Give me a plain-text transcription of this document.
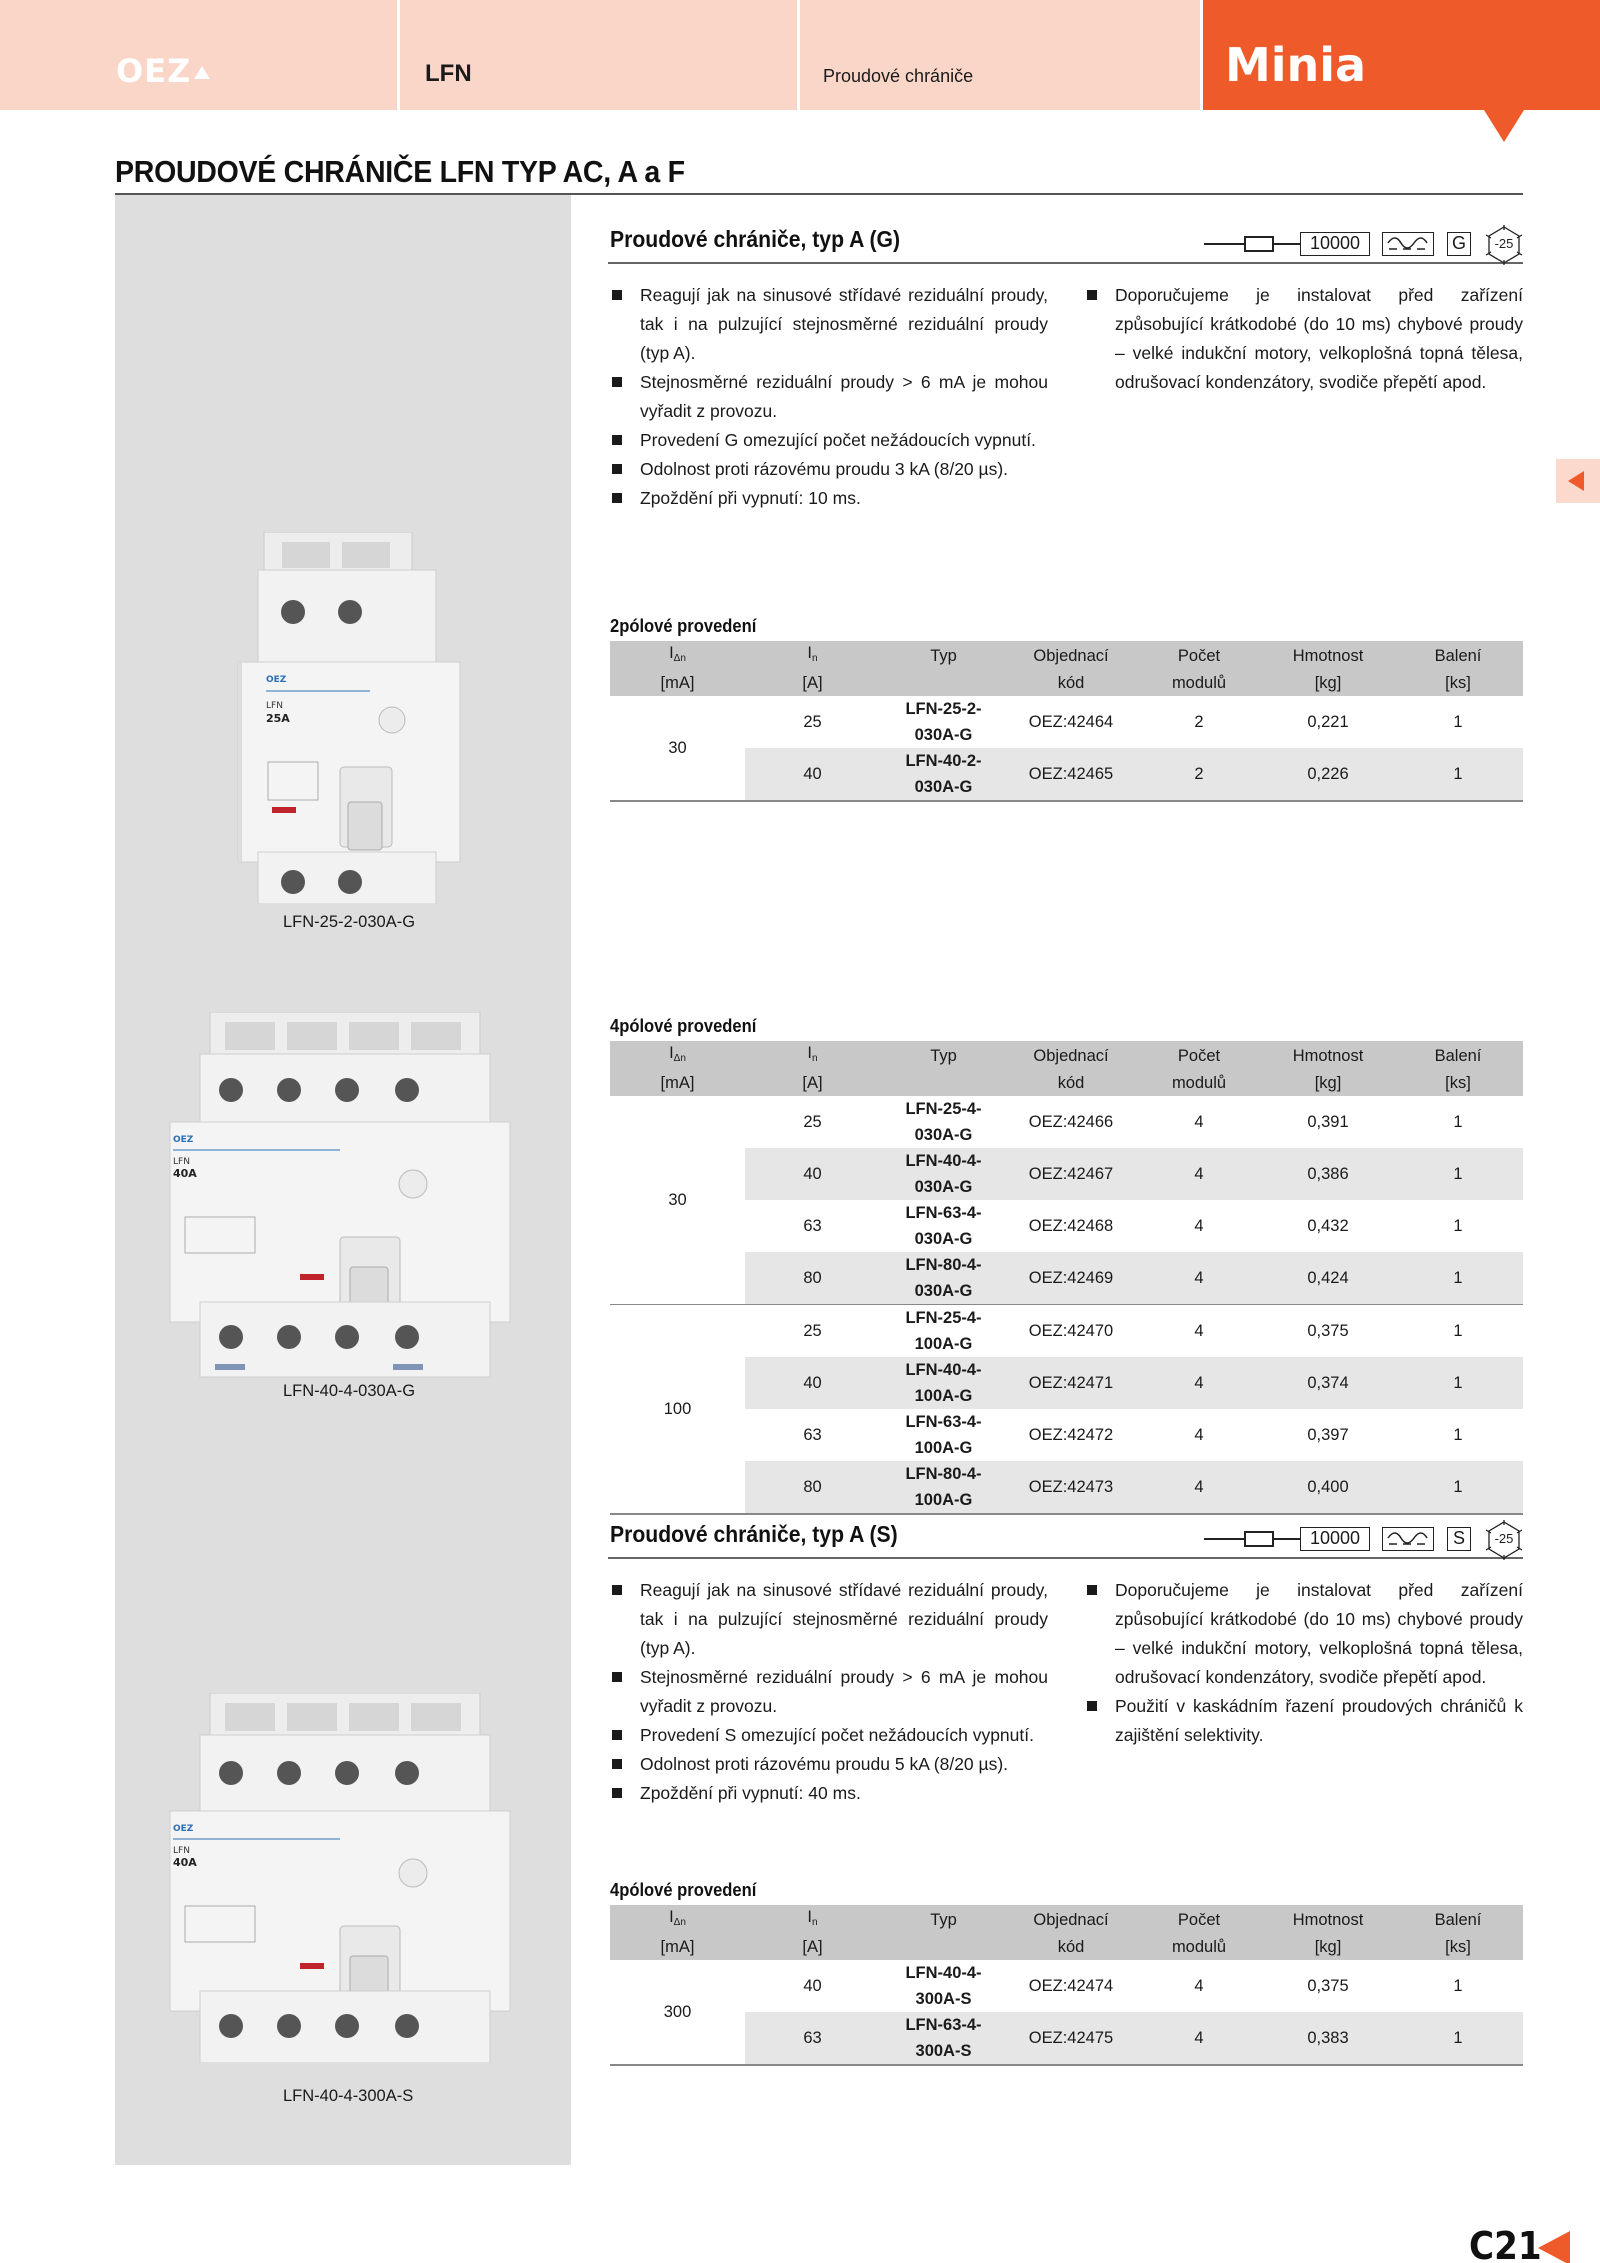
OEZ	LFN	Proudové chrániče	Minia
PROUDOVÉ CHRÁNIČE LFN TYP AC, A a F
Proudové chrániče, typ A (G)	10000	G	-25
Reagují jak na sinusové střídavé reziduální proudy, tak i na pulzující stejnosměrné reziduální proudy (typ A).
Stejnosměrné reziduální proudy > 6 mA je mohou vyřadit z provozu.
Provedení G omezující počet nežádoucích vypnutí.
Odolnost proti rázovému proudu 3 kA (8/20 µs).
Zpoždění při vypnutí: 10 ms.
Doporučujeme je instalovat před zařízení způsobující krátkodobé (do 10 ms) chybové proudy – velké indukční motory, velkoplošná topná tělesa, odrušovací kondenzátory, svodiče přepětí apod.
OEZ
LFN
25A
LFN-25-2-030A-G
2pólové provedení
$I_{\Delta n}$	$I_n$	Typ	Objednací	Počet	Hmotnost	Balení
[mA]	[A]		kód	modulů	[kg]	[ks]
30	25	LFN-25-2-030A-G	OEZ:42464	2	0,221	1
	40	LFN-40-2-030A-G	OEZ:42465	2	0,226	1
OEZ
LFN
40A
LFN-40-4-030A-G
4pólové provedení
$I_{\Delta n}$	$I_n$	Typ	Objednací	Počet	Hmotnost	Balení
[mA]	[A]		kód	modulů	[kg]	[ks]
30	25	LFN-25-4-030A-G	OEZ:42466	4	0,391	1
	40	LFN-40-4-030A-G	OEZ:42467	4	0,386	1
	63	LFN-63-4-030A-G	OEZ:42468	4	0,432	1
	80	LFN-80-4-030A-G	OEZ:42469	4	0,424	1
100	25	LFN-25-4-100A-G	OEZ:42470	4	0,375	1
	40	LFN-40-4-100A-G	OEZ:42471	4	0,374	1
	63	LFN-63-4-100A-G	OEZ:42472	4	0,397	1
	80	LFN-80-4-100A-G	OEZ:42473	4	0,400	1
Proudové chrániče, typ A (S)	10000	S	-25
Reagují jak na sinusové střídavé reziduální proudy, tak i na pulzující stejnosměrné reziduální proudy (typ A).
Stejnosměrné reziduální proudy > 6 mA je mohou vyřadit z provozu.
Provedení S omezující počet nežádoucích vypnutí.
Odolnost proti rázovému proudu 5 kA (8/20 µs).
Zpoždění při vypnutí: 40 ms.
Doporučujeme je instalovat před zařízení způsobující krátkodobé (do 10 ms) chybové proudy – velké indukční motory, velkoplošná topná tělesa, odrušovací kondenzátory, svodiče přepětí apod.
Použití v kaskádním řazení proudových chráničů k zajištění selektivity.
OEZ
LFN
40A
LFN-40-4-300A-S
4pólové provedení
$I_{\Delta n}$	$I_n$	Typ	Objednací	Počet	Hmotnost	Balení
[mA]	[A]		kód	modulů	[kg]	[ks]
300	40	LFN-40-4-300A-S	OEZ:42474	4	0,375	1
	63	LFN-63-4-300A-S	OEZ:42475	4	0,383	1
C21
